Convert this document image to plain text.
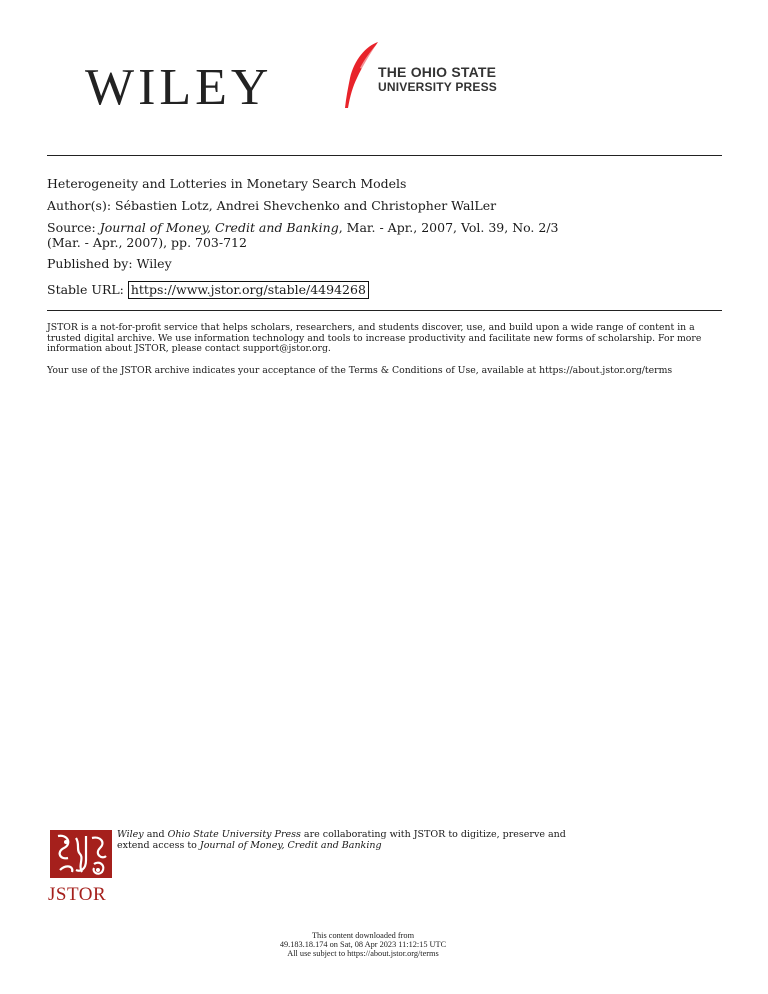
WILEY	THE OHIO STATE
UNIVERSITY PRESS
Heterogeneity and Lotteries in Monetary Search Models
Author(s): Sébastien Lotz, Andrei Shevchenko and Christopher WalLer
Source: Journal of Money, Credit and Banking, Mar. - Apr., 2007, Vol. 39, No. 2/3
(Mar. - Apr., 2007), pp. 703-712
Published by: Wiley
Stable URL: https://www.jstor.org/stable/4494268
JSTOR is a not-for-profit service that helps scholars, researchers, and students discover, use, and build upon a wide range of content in a trusted digital archive. We use information technology and tools to increase productivity and facilitate new forms of scholarship. For more information about JSTOR, please contact support@jstor.org.
Your use of the JSTOR archive indicates your acceptance of the Terms & Conditions of Use, available at https://about.jstor.org/terms
JSTOR
Wiley and Ohio State University Press are collaborating with JSTOR to digitize, preserve and
extend access to Journal of Money, Credit and Banking
This content downloaded from
49.183.18.174 on Sat, 08 Apr 2023 11:12:15 UTC
All use subject to https://about.jstor.org/terms
